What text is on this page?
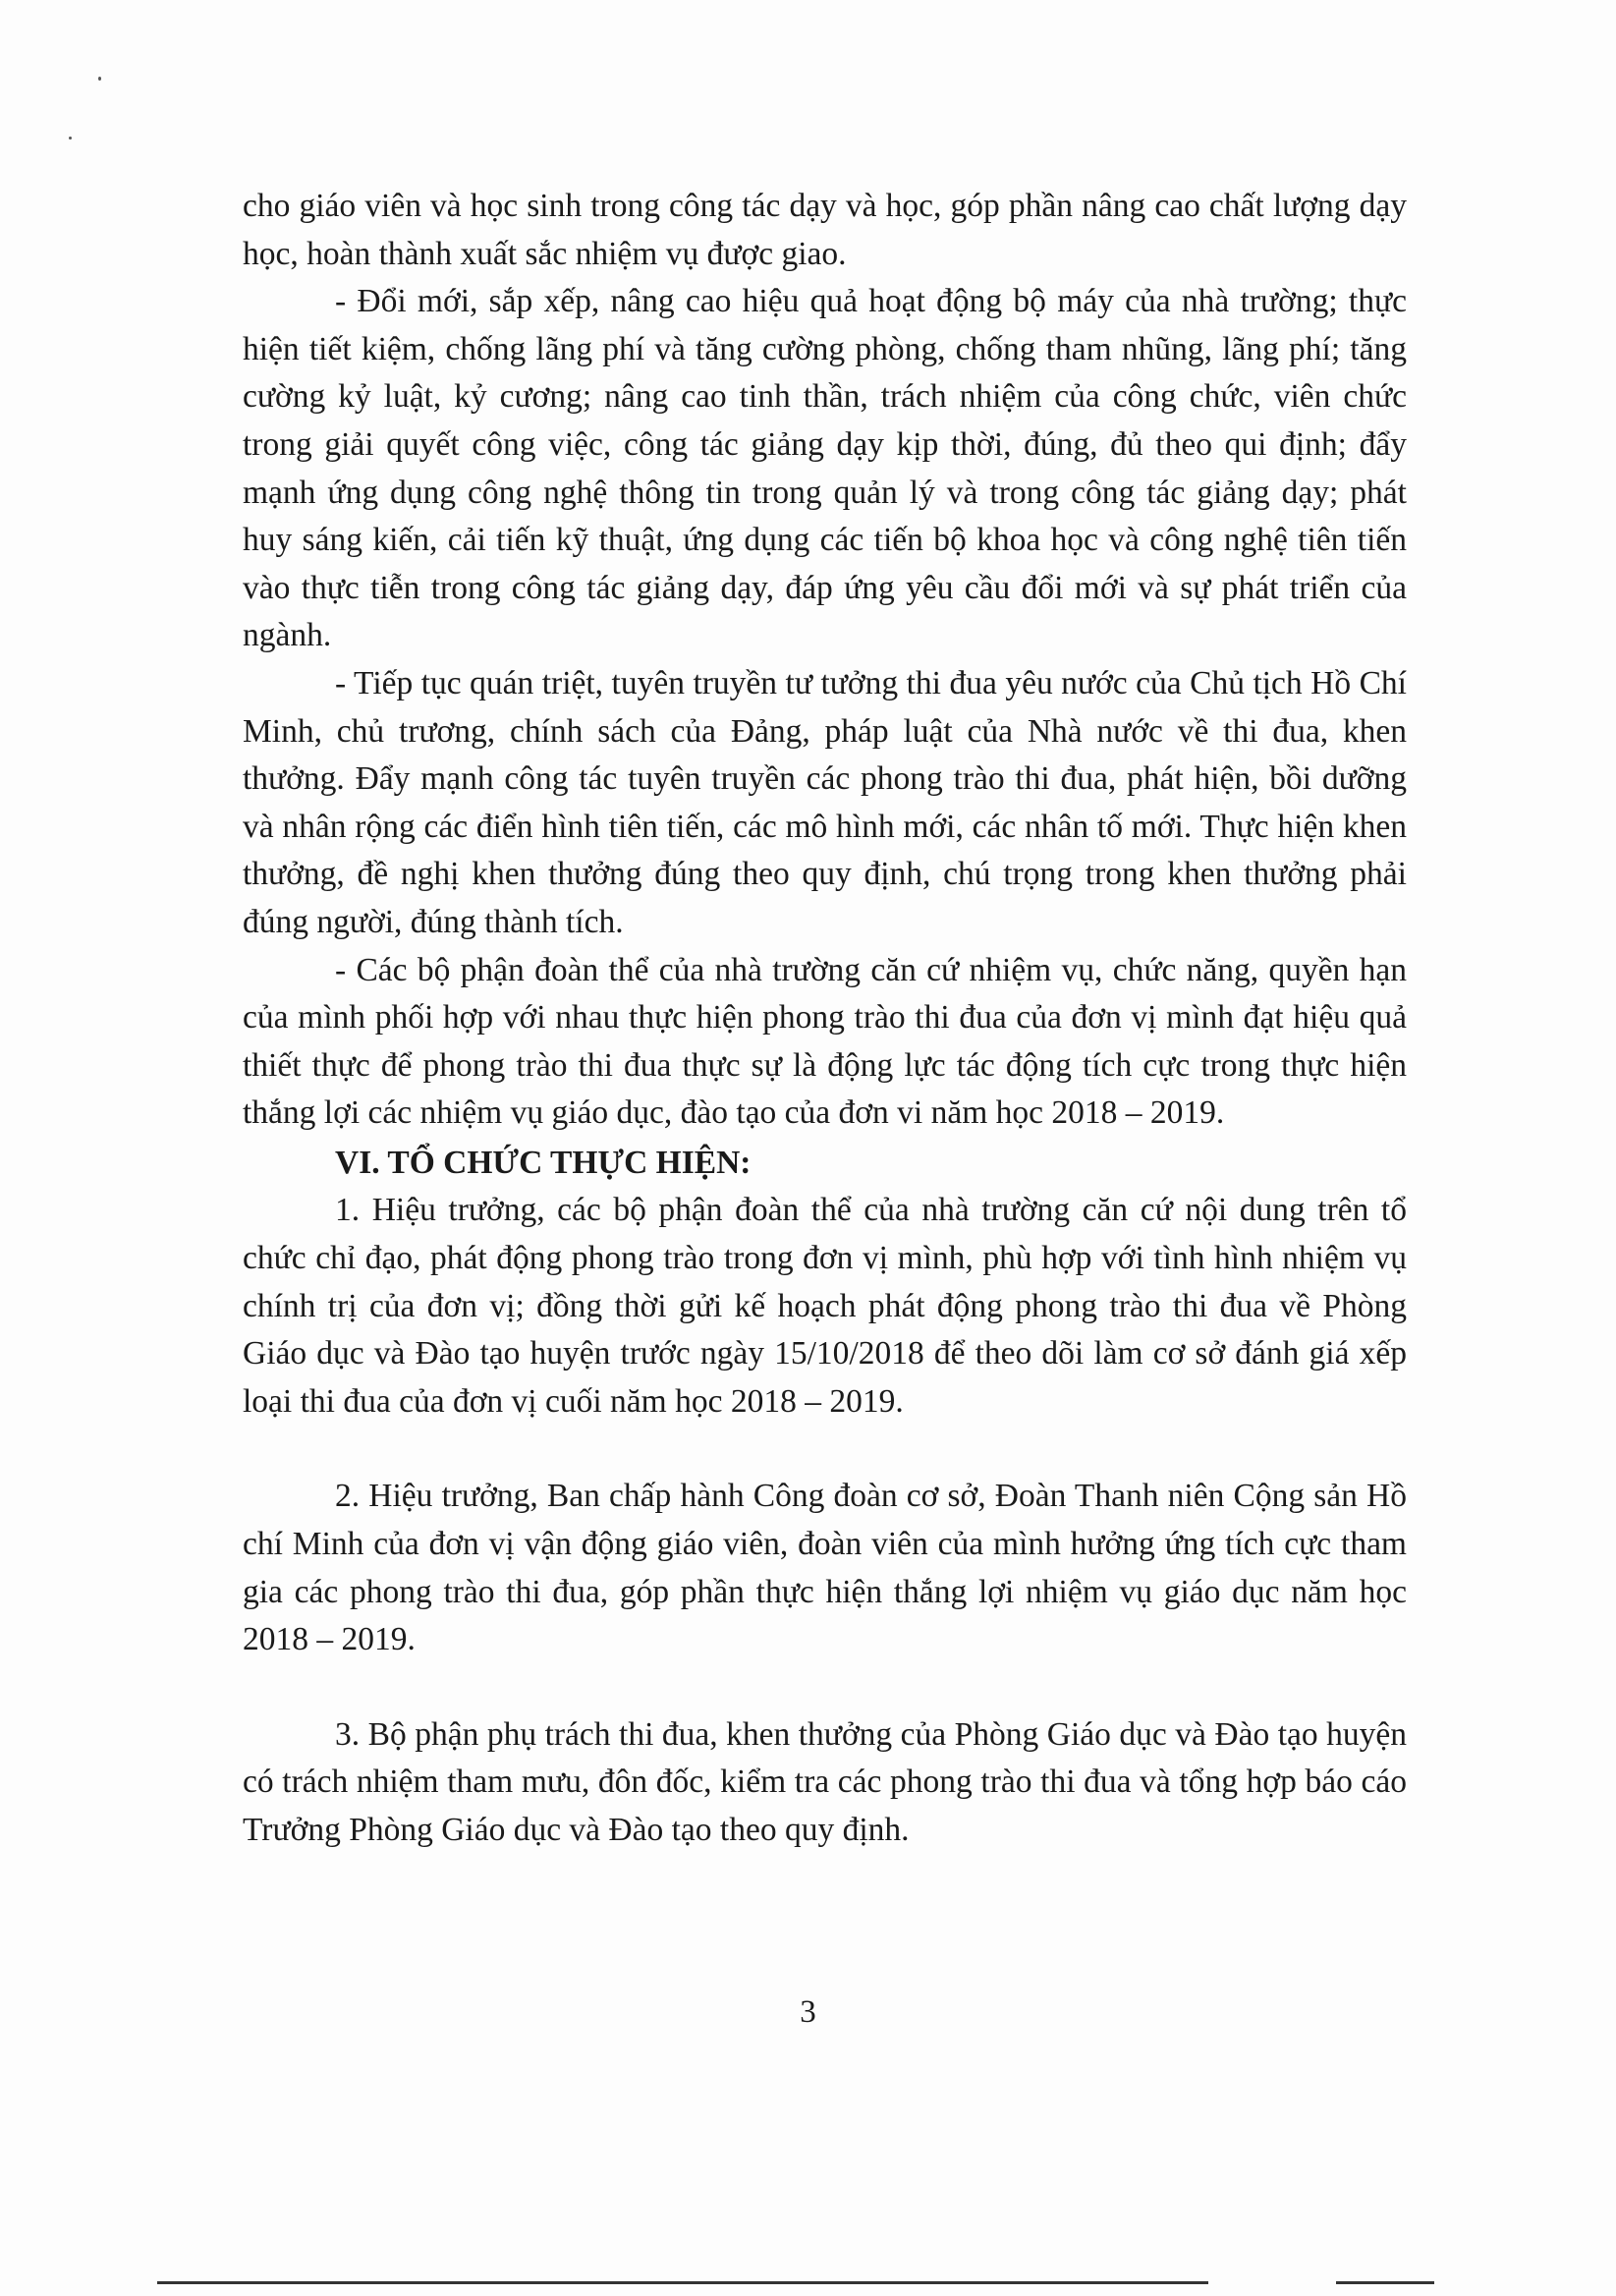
cho giáo viên và học sinh trong công tác dạy và học, góp phần nâng cao chất lượng dạy học, hoàn thành xuất sắc nhiệm vụ được giao.

- Đổi mới, sắp xếp, nâng cao hiệu quả hoạt động bộ máy của nhà trường; thực hiện tiết kiệm, chống lãng phí và tăng cường phòng, chống tham nhũng, lãng phí; tăng cường kỷ luật, kỷ cương; nâng cao tinh thần, trách nhiệm của công chức, viên chức trong giải quyết công việc, công tác giảng dạy kịp thời, đúng, đủ theo qui định; đẩy mạnh ứng dụng công nghệ thông tin trong quản lý và trong công tác giảng dạy; phát huy sáng kiến, cải tiến kỹ thuật, ứng dụng các tiến bộ khoa học và công nghệ tiên tiến vào thực tiễn trong công tác giảng dạy, đáp ứng yêu cầu đổi mới và sự phát triển của ngành.

- Tiếp tục quán triệt, tuyên truyền tư tưởng thi đua yêu nước của Chủ tịch Hồ Chí Minh, chủ trương, chính sách của Đảng, pháp luật của Nhà nước về thi đua, khen thưởng. Đẩy mạnh công tác tuyên truyền các phong trào thi đua, phát hiện, bồi dưỡng và nhân rộng các điển hình tiên tiến, các mô hình mới, các nhân tố mới. Thực hiện khen thưởng, đề nghị khen thưởng đúng theo quy định, chú trọng trong khen thưởng phải đúng người, đúng thành tích.

- Các bộ phận đoàn thể của nhà trường căn cứ nhiệm vụ, chức năng, quyền hạn của mình phối hợp với nhau thực hiện phong trào thi đua của đơn vị mình đạt hiệu quả thiết thực để phong trào thi đua thực sự là động lực tác động tích cực trong thực hiện thắng lợi các nhiệm vụ giáo dục, đào tạo của đơn vi năm học 2018 – 2019.

VI. TỔ CHỨC THỰC HIỆN:

1. Hiệu trưởng, các bộ phận đoàn thể của nhà trường căn cứ nội dung trên tổ chức chỉ đạo, phát động phong trào trong đơn vị mình, phù hợp với tình hình nhiệm vụ chính trị của đơn vị; đồng thời gửi kế hoạch phát động phong trào thi đua về Phòng Giáo dục và Đào tạo huyện trước ngày 15/10/2018 để theo dõi làm cơ sở đánh giá xếp loại thi đua của đơn vị cuối năm học 2018 – 2019.

2. Hiệu trưởng, Ban chấp hành Công đoàn cơ sở, Đoàn Thanh niên Cộng sản Hồ chí Minh của đơn vị vận động giáo viên, đoàn viên của mình hưởng ứng tích cực tham gia các phong trào thi đua, góp phần thực hiện thắng lợi nhiệm vụ giáo dục năm học 2018 – 2019.

3. Bộ phận phụ trách thi đua, khen thưởng của Phòng Giáo dục và Đào tạo huyện có trách nhiệm tham mưu, đôn đốc, kiểm tra các phong trào thi đua và tổng hợp báo cáo Trưởng Phòng Giáo dục và Đào tạo theo quy định.

3
